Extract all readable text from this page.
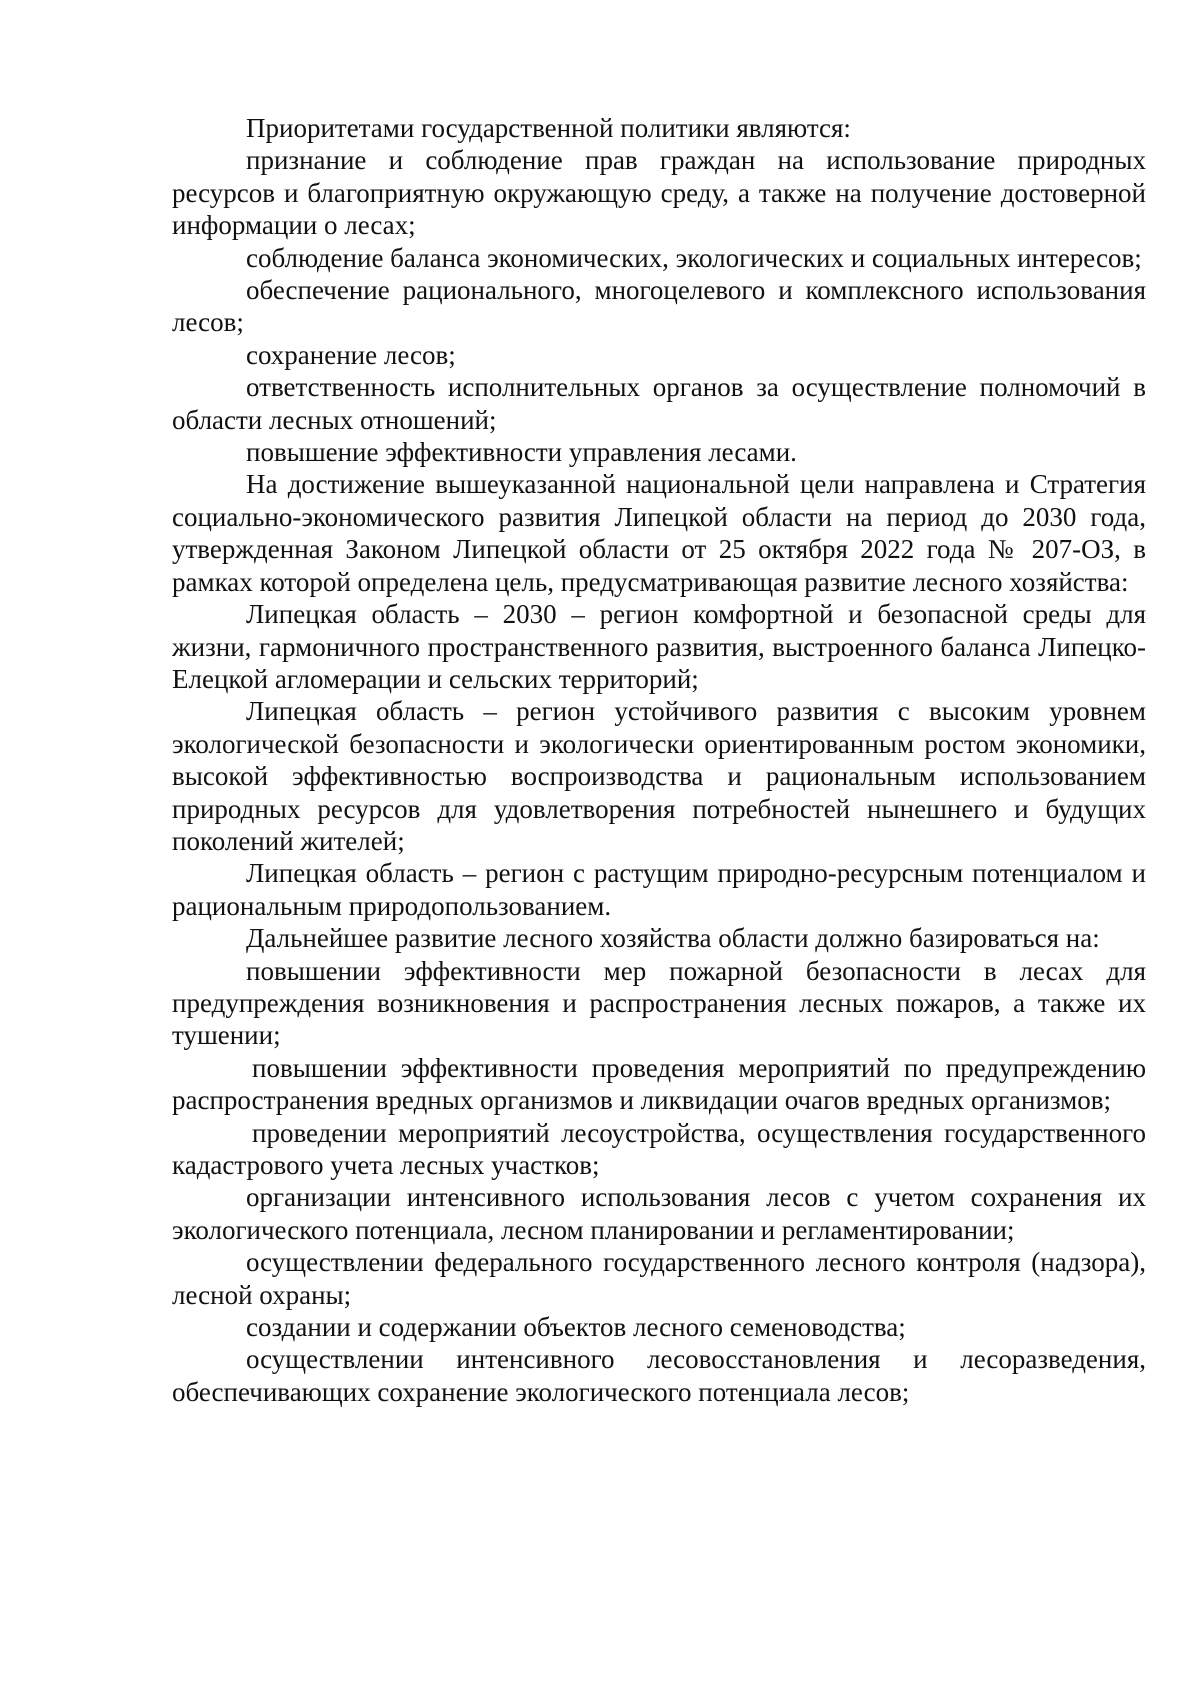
Приоритетами государственной политики являются:

признание и соблюдение прав граждан на использование природных ресурсов и благоприятную окружающую среду, а также на получение достоверной информации о лесах;

соблюдение баланса экономических, экологических и социальных интересов;

обеспечение рационального, многоцелевого и комплексного использования лесов;

сохранение лесов;

ответственность исполнительных органов за осуществление полномочий в области лесных отношений;

повышение эффективности управления лесами.

На достижение вышеуказанной национальной цели направлена и Стратегия социально-экономического развития Липецкой области на период до 2030 года, утвержденная Законом Липецкой области от 25 октября 2022 года № 207-ОЗ, в рамках которой определена цель, предусматривающая развитие лесного хозяйства:

Липецкая область – 2030 – регион комфортной и безопасной среды для жизни, гармоничного пространственного развития, выстроенного баланса Липецко-Елецкой агломерации и сельских территорий;

Липецкая область – регион устойчивого развития с высоким уровнем экологической безопасности и экологически ориентированным ростом экономики, высокой эффективностью воспроизводства и рациональным использованием природных ресурсов для удовлетворения потребностей нынешнего и будущих поколений жителей;

Липецкая область – регион с растущим природно-ресурсным потенциалом и рациональным природопользованием.

Дальнейшее развитие лесного хозяйства области должно базироваться на:

повышении эффективности мер пожарной безопасности в лесах для предупреждения возникновения и распространения лесных пожаров, а также их тушении;

повышении эффективности проведения мероприятий по предупреждению распространения вредных организмов и ликвидации очагов вредных организмов;

проведении мероприятий лесоустройства, осуществления государственного кадастрового учета лесных участков;

организации интенсивного использования лесов с учетом сохранения их экологического потенциала, лесном планировании и регламентировании;

осуществлении федерального государственного лесного контроля (надзора), лесной охраны;

создании и содержании объектов лесного семеноводства;

осуществлении интенсивного лесовосстановления и лесоразведения, обеспечивающих сохранение экологического потенциала лесов;
